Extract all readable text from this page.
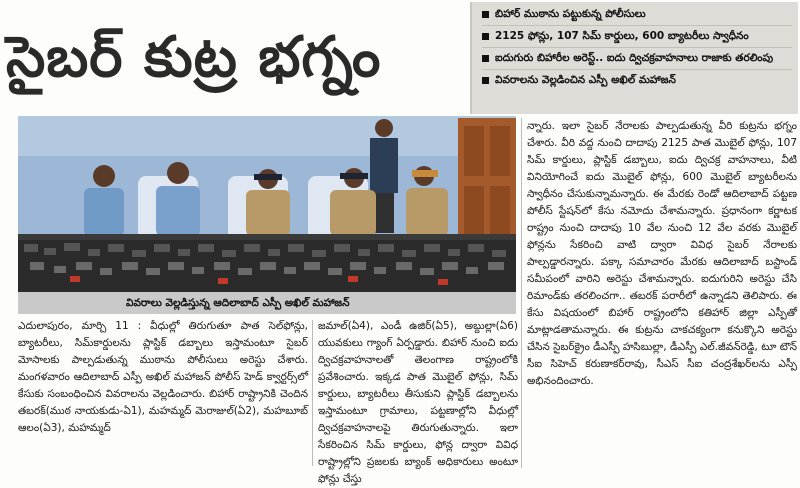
సైబర్ కుట్ర భగ్నం
బిహార్ ముఠాను పట్టుకున్న పోలీసులు
2125 ఫోన్లు, 107 సిమ్ కార్డులు, 600 బ్యాటరీలు స్వాధీనం
ఐదుగురు బిహారీల అరెస్ట్.. ఐదు ద్విచక్రవాహనాలు రాజాకు తరలింపు
వివరాలను వెల్లడించిన ఎస్పీ అఖిల్ మహాజన్
వివరాలు వెల్లడిస్తున్న ఆదిలాబాద్ ఎస్పీ అఖిల్ మహాజన్

ఎదులాపురం, మార్చి 11 : వీధుల్లో తిరుగుతూ పాత సెల్‌ఫోన్లు, బ్యాటరీలు, సిమ్‌కార్డులను ప్లాస్టిక్ డబ్బాలు ఇస్తామంటూ సైబర్ మోసాలకు పాల్పడుతున్న ముఠాను పోలీసులు అరెస్టు చేశారు. మంగళవారం ఆదిలాబాద్ ఎస్పీ అఖిల్ మహాజన్ పోలీస్ హెడ్ క్వార్టర్స్‌లో కేసుకు సంబంధించిన వివరాలను వెల్లడించారు. బిహార్ రాష్ట్రానికి చెందిన తబరక్(ముఠ నాయకుడు-ఏ1), మహమ్మద్ మెరాజుల్(ఏ2), మహబూబ్ ఆలం(ఏ3), మహమ్మద్

జమాల్(ఏ4), ఎండీ ఉజిర్(ఏ5), అబ్దుల్లా(ఏ6) యువకులు గ్యాంగ్ ఏర్పడ్డారు. బిహార్ నుంచి ఐదు ద్విచక్రవాహనాలతో తెలంగాణ రాష్ట్రంలోకి ప్రవేశించారు. ఇక్కడ పాత మొబైల్ ఫోన్లు, సిమ్ కార్డులు, బ్యాటరీలు తీసుకుని ప్లాస్టిక్ డబ్బాలను ఇస్తామంటూ గ్రామాలు, పట్టణాల్లోని వీధుల్లో ద్విచక్రవాహనాలపై తిరుగుతున్నారు. ఇలా సేకరించిన సిమ్ కార్డులు, ఫోన్ల ద్వారా వివిధ రాష్ట్రాల్లోని ప్రజలకు బ్యాంక్ అధికారులు అంటూ ఫోన్లు చేస్తు

న్నారు. ఇలా సైబర్ నేరాలకు పాల్పడుతున్న వీరి కుట్రను భగ్నం చేశారు. వీరి వద్ద నుంచి దాదాపు 2125 పాత మొబైల్ ఫోన్లు, 107 సిమ్ కార్డులు, ప్లాస్టిక్ డబ్బాలు, ఐదు ద్విచక్ర వాహనాలు, వీటి వినియోగించే ఐదు మొబైల్ ఫోన్లు, 600 మొబైల్ బ్యాటరీలను స్వాధీనం చేసుకున్నామన్నారు. ఈ మేరకు రెండో ఆదిలాబాద్ పట్టణ పోలీస్ స్టేషన్‌లో కేసు నమోదు చేశామన్నారు. ప్రధానంగా కర్ణాటక రాష్ట్రం నుంచి దాదాపు 10 వేల నుంచి 12 వేల వరకు మొబైల్ ఫోన్లను సేకరించి వాటి ద్వారా వివిధ సైబర్ నేరాలకు పాల్పడ్డారన్నారు. పక్కా సమాచారం మేరకు ఆదిలాబాద్ బస్టాండ్ సమీపంలో వారిని అరెస్టు చేశామన్నారు. ఐదుగురిని అరెస్టు చేసి రిమాండ్‌కు తరలించగా.. తబరక్ పరారీలో ఉన్నాడని తెలిపారు. ఈ కేసు విషయంలో బిహార్ రాష్ట్రంలోని కతిహార్ జిల్లా ఎస్పీతో మాట్లాడతామన్నారు. ఈ కుట్రను చాకచక్యంగా కనుక్కొని అరెస్టు చేసిన సైబర్‌క్రైం డీఎస్పీ హసిబుల్లా, డీఎస్పీ ఎల్.జీవన్‌రెడ్డి, టూ టౌన్ సీఐ సిహెచ్ కరుణాకర్‌రావు, సీఎస్ సీఐ చంద్రశేఖర్‌లను ఎస్పీ అభినందించారు.
